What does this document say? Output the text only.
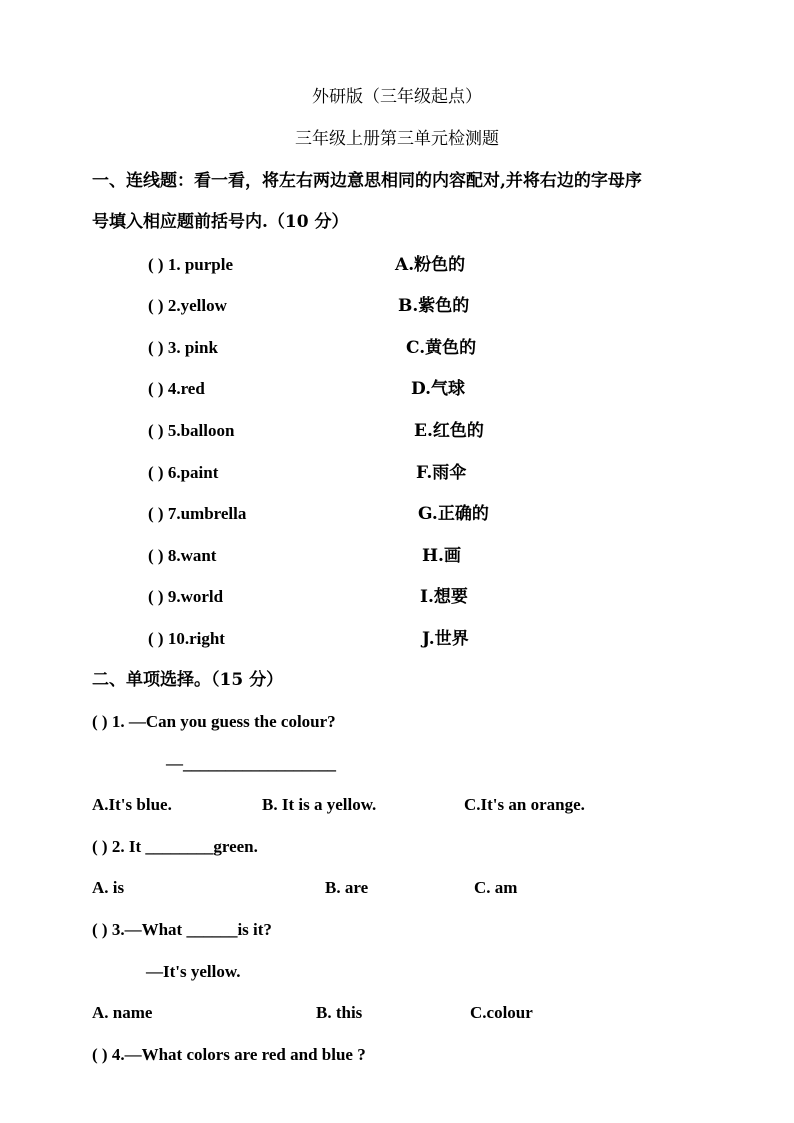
外研版（三年级起点）
三年级上册第三单元检测题
一、连线题：看一看，将左右两边意思相同的内容配对,并将右边的字母序
号填入相应题前括号内.（10 分）
( ) 1. purple	A.粉色的
( ) 2.yellow	B.紫色的
( ) 3. pink	C.黄色的
( ) 4.red	D.气球
( ) 5.balloon	E.红色的
( ) 6.paint	F.雨伞
( ) 7.umbrella	G.正确的
( ) 8.want	H.画
( ) 9.world	I.想要
( ) 10.right	J.世界
二、单项选择。（15 分）
( ) 1. —Can you guess the colour?
—__________________
A.It's blue.	B. It is a yellow.	C.It's an orange.
( ) 2. It ________green.
A. is	B. are	C. am
( ) 3.—What ______is it?
—It's yellow.
A. name	B. this	C.colour
( ) 4.—What colors are red and blue ?
